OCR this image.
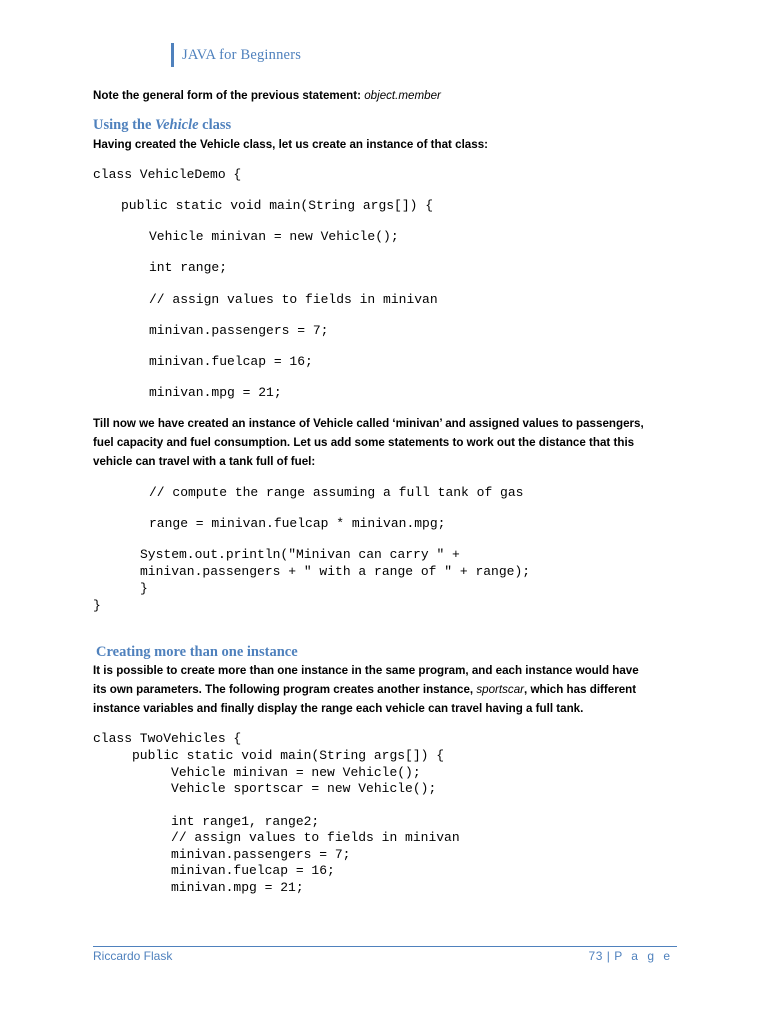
JAVA for Beginners
Note the general form of the previous statement: object.member
Using the Vehicle class
Having created the Vehicle class, let us create an instance of that class:
class VehicleDemo {
public static void main(String args[]) {
Vehicle minivan = new Vehicle();
int range;
// assign values to fields in minivan
minivan.passengers = 7;
minivan.fuelcap = 16;
minivan.mpg = 21;
Till now we have created an instance of Vehicle called ‘minivan’ and assigned values to passengers,
fuel capacity and fuel consumption. Let us add some statements to work out the distance that this
vehicle can travel with a tank full of fuel:
// compute the range assuming a full tank of gas
range = minivan.fuelcap * minivan.mpg;
System.out.println("Minivan can carry " +
minivan.passengers + " with a range of " + range);
}
}
Creating more than one instance
It is possible to create more than one instance in the same program, and each instance would have
its own parameters. The following program creates another instance, sportscar, which has different
instance variables and finally display the range each vehicle can travel having a full tank.
class TwoVehicles {
public static void main(String args[]) {
Vehicle minivan = new Vehicle();
Vehicle sportscar = new Vehicle();
int range1, range2;
// assign values to fields in minivan
minivan.passengers = 7;
minivan.fuelcap = 16;
minivan.mpg = 21;
Riccardo Flask	73 | P a g e
